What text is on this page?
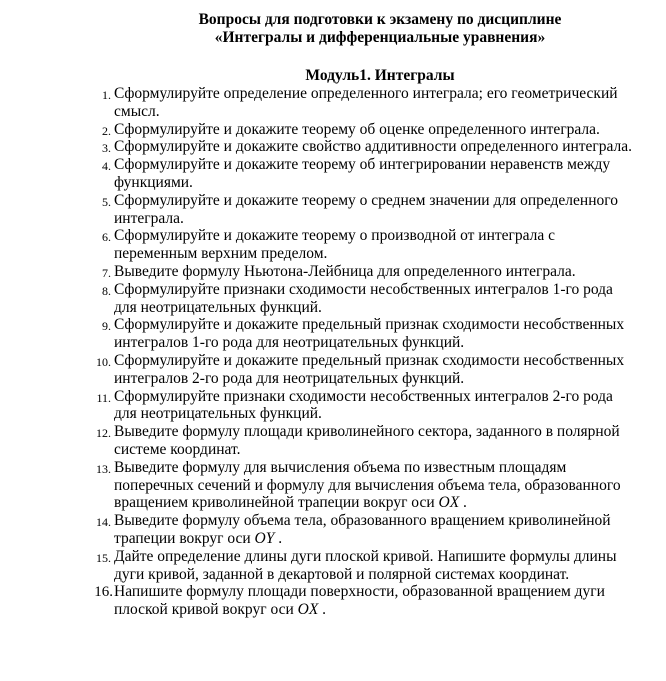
Вопросы для подготовки к экзамену по дисциплине
«Интегралы и дифференциальные уравнения»
Модуль1. Интегралы
1. Сформулируйте определение определенного интеграла; его геометрический смысл.
2. Сформулируйте и докажите теорему об оценке определенного интеграла.
3. Сформулируйте и докажите свойство аддитивности определенного интеграла.
4. Сформулируйте и докажите теорему об интегрировании неравенств между функциями.
5. Сформулируйте и докажите теорему о среднем значении для определенного интеграла.
6. Сформулируйте и докажите теорему о производной от интеграла с переменным верхним пределом.
7. Выведите формулу Ньютона-Лейбница для определенного интеграла.
8. Сформулируйте признаки сходимости несобственных интегралов 1-го рода для неотрицательных функций.
9. Сформулируйте и докажите предельный признак сходимости несобственных интегралов 1-го рода для неотрицательных функций.
10. Сформулируйте и докажите предельный признак сходимости несобственных интегралов 2-го рода для неотрицательных функций.
11. Сформулируйте признаки сходимости несобственных интегралов 2-го рода для неотрицательных функций.
12. Выведите формулу площади криволинейного сектора, заданного в полярной системе координат.
13. Выведите формулу для вычисления объема по известным площадям поперечных сечений и формулу для вычисления объема тела, образованного вращением криволинейной трапеции вокруг оси OX .
14. Выведите формулу объема тела, образованного вращением криволинейной трапеции вокруг оси OY .
15. Дайте определение длины дуги плоской кривой. Напишите формулы длины дуги кривой, заданной в декартовой и полярной системах координат.
16. Напишите формулу площади поверхности, образованной вращением дуги плоской кривой вокруг оси OX .
